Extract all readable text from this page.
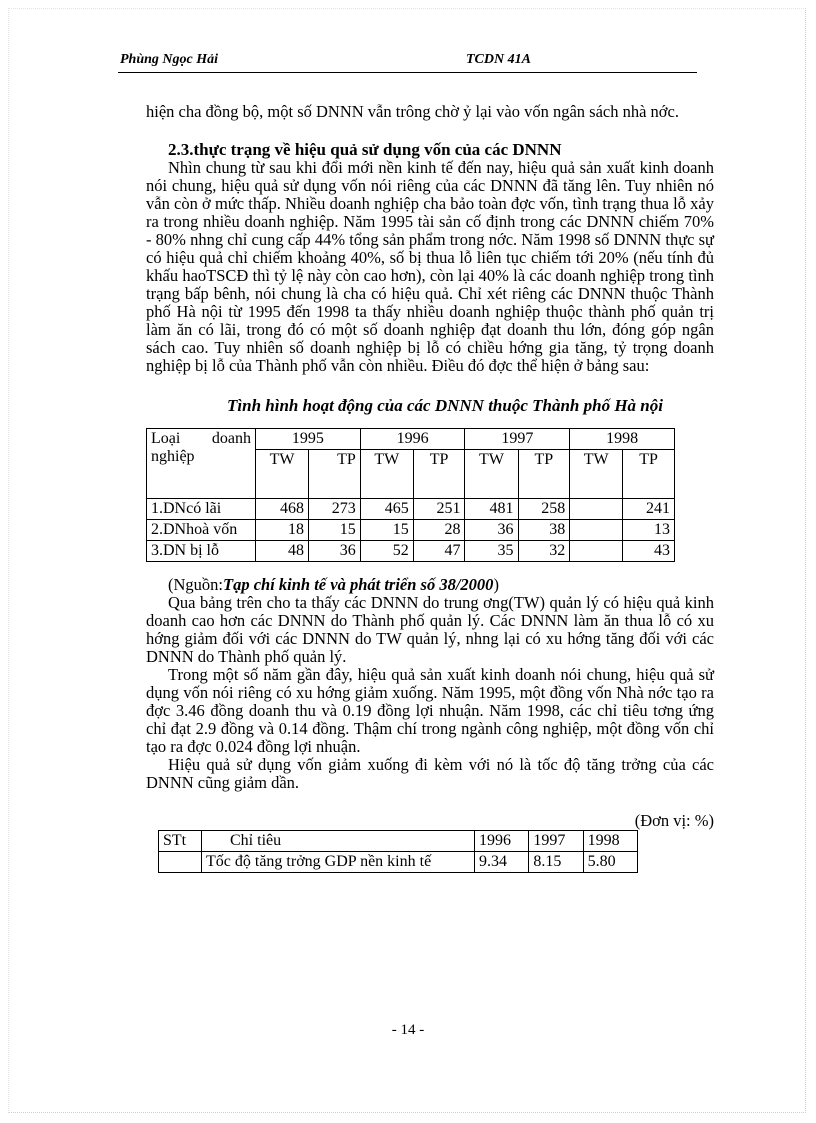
Phùng Ngọc Hải	TCDN 41A

hiện cha đồng bộ, một số DNNN vẫn trông chờ ỷ lại vào vốn ngân sách nhà nớc.

2.3.thực trạng về hiệu quả sử dụng vốn của các DNNN

Nhìn chung từ sau khi đổi mới nền kinh tế đến nay, hiệu quả sản xuất kinh doanh nói chung, hiệu quả sử dụng vốn nói riêng của các DNNN đã tăng lên. Tuy nhiên nó vẫn còn ở mức thấp. Nhiều doanh nghiệp cha bảo toàn đợc vốn, tình trạng thua lỗ xảy ra trong nhiều doanh nghiệp. Năm 1995 tài sản cố định trong các DNNN chiếm 70% - 80% nhng chỉ cung cấp 44% tổng sản phẩm trong nớc. Năm 1998 số DNNN thực sự có hiệu quả chỉ chiếm khoảng 40%, số bị thua lỗ liên tục chiếm tới 20% (nếu tính đủ khấu haoTSCĐ thì tỷ lệ này còn cao hơn), còn lại 40% là các doanh nghiệp trong tình trạng bấp bênh, nói chung là cha có hiệu quả. Chỉ xét riêng các DNNN thuộc Thành phố Hà nội từ 1995 đến 1998 ta thấy nhiều doanh nghiệp thuộc thành phố quản trị làm ăn có lãi, trong đó có một số doanh nghiệp đạt doanh thu lớn, đóng góp ngân sách cao. Tuy nhiên số doanh nghiệp bị lỗ có chiều hớng gia tăng, tỷ trọng doanh nghiệp bị lỗ của Thành phố vẫn còn nhiều. Điều đó đợc thể hiện ở bảng sau:

Tình hình hoạt động của các DNNN thuộc Thành phố Hà nội

Loại doanh nghiệp	1995		1996		1997		1998	
	TW	TP	TW	TP	TW	TP	TW	TP
1.DNcó lãi	468	273	465	251	481	258		241
2.DNhoà vốn	18	15	15	28	36	38		13
3.DN bị lỗ	48	36	52	47	35	32		43

(Nguồn:Tạp chí kinh tế và phát triển số 38/2000)

Qua bảng trên cho ta thấy các DNNN do trung ơng(TW) quản lý có hiệu quả kinh doanh cao hơn các DNNN do Thành phố quản lý. Các DNNN làm ăn thua lỗ có xu hớng giảm đối với các DNNN do TW quản lý, nhng lại có xu hớng tăng đối với các DNNN do Thành phố quản lý.

Trong một số năm gần đây, hiệu quả sản xuất kinh doanh nói chung, hiệu quả sử dụng vốn nói riêng có xu hớng giảm xuống. Năm 1995, một đồng vốn Nhà nớc tạo ra đợc 3.46 đồng doanh thu và 0.19 đồng lợi nhuận. Năm 1998, các chỉ tiêu tơng ứng chỉ đạt 2.9 đồng và 0.14 đồng. Thậm chí trong ngành công nghiệp, một đồng vốn chỉ tạo ra đợc 0.024 đồng lợi nhuận.

Hiệu quả sử dụng vốn giảm xuống đi kèm với nó là tốc độ tăng trởng của các DNNN cũng giảm dần.

(Đơn vị: %)

STt	Chỉ tiêu	1996	1997	1998
	Tốc độ tăng trởng GDP nền kinh tế	9.34	8.15	5.80
- 14 -
